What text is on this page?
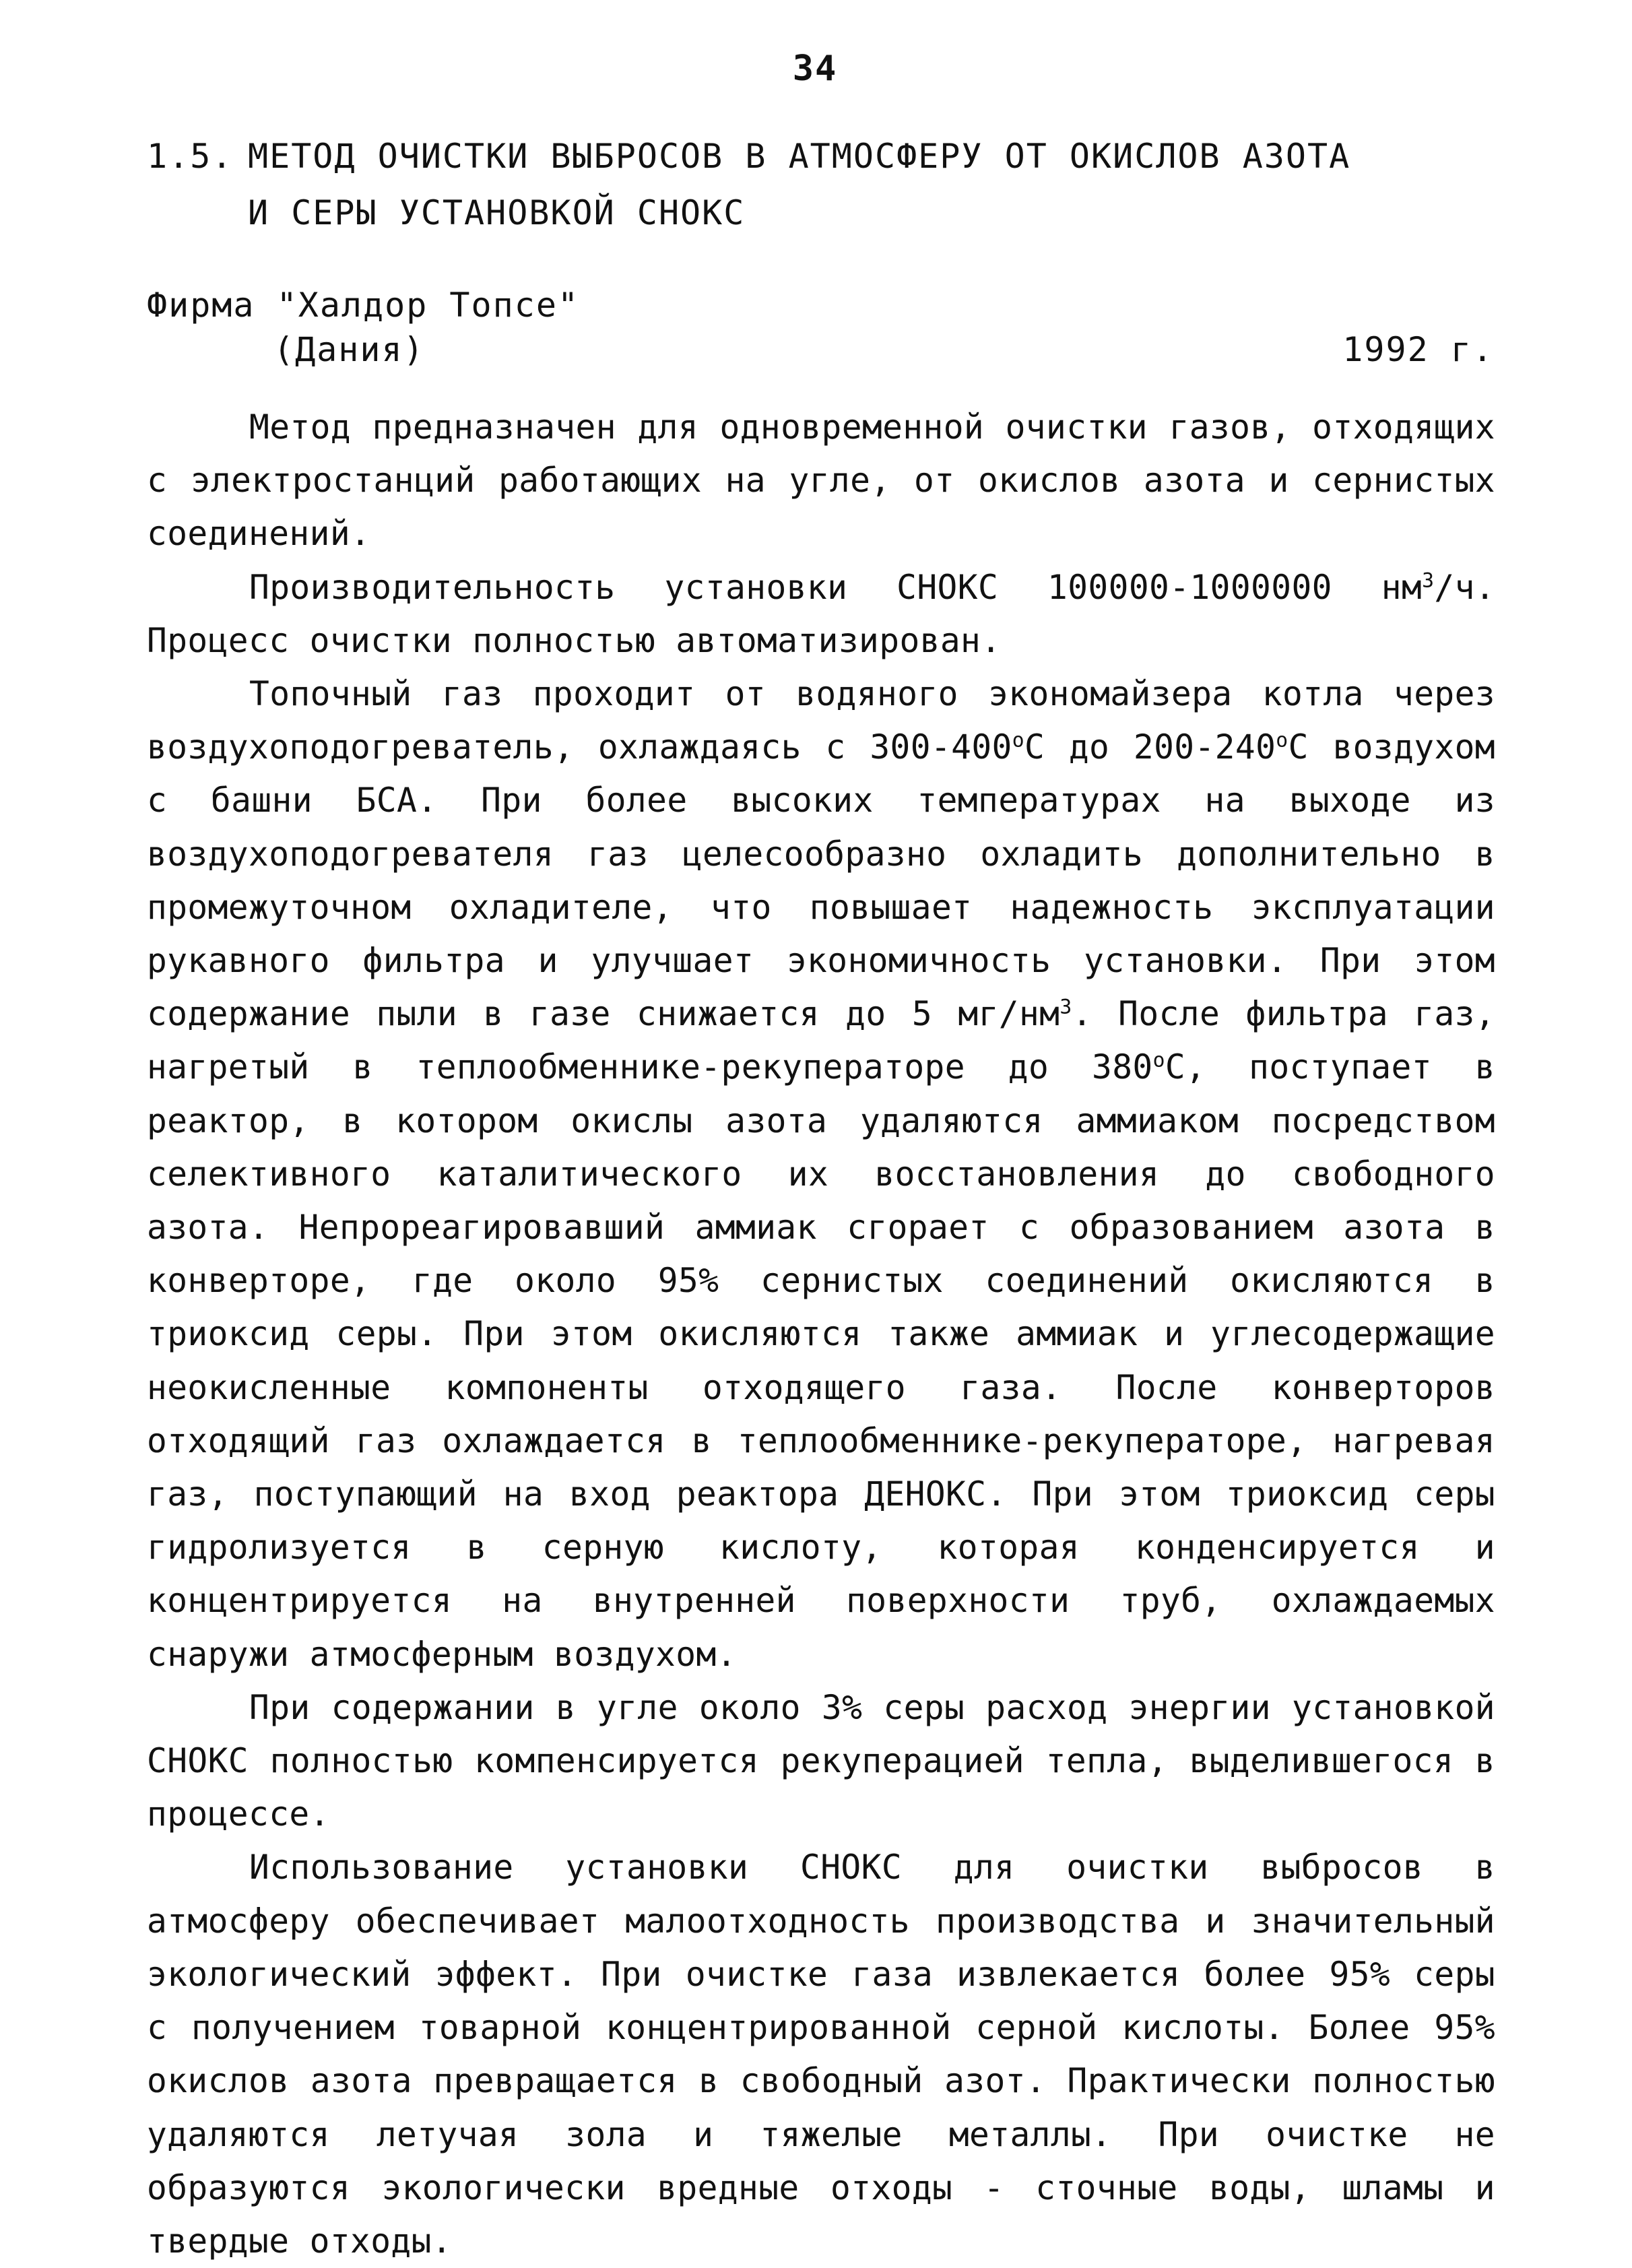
34
1.5. МЕТОД ОЧИСТКИ ВЫБРОСОВ В АТМОСФЕРУ ОТ ОКИСЛОВ АЗОТА
И СЕРЫ УСТАНОВКОЙ СНОКС
Фирма "Халдор Топсе"
(Дания)	1992 г.

Метод предназначен для одновременной очистки газов, отходящих с электростанций работающих на угле, от окислов азота и сернистых соединений.

Производительность установки СНОКС 100000-1000000 $нм^3/ч$. Процесс очистки полностью автоматизирован.

Топочный газ проходит от водяного экономайзера котла через воздухоподогреватель, охлаждаясь с $300-400^оС$ до $200-240^оС$ воздухом с башни БСА. При более высоких температурах на выходе из воздухоподогревателя газ целесообразно охладить дополнительно в промежуточном охладителе, что повышает надежность эксплуатации рукавного фильтра и улучшает экономичность установки. При этом содержание пыли в газе снижается до 5 $мг/нм^3$. После фильтра газ, нагретый в теплообменнике-рекуператоре до $380^оС$, поступает в реактор, в котором окислы азота удаляются аммиаком посредством селективного каталитического их восстановления до свободного азота. Непрореагировавший аммиак сгорает с образованием азота в конверторе, где около 95% сернистых соединений окисляются в триоксид серы. При этом окисляются также аммиак и углесодержащие неокисленные компоненты отходящего газа. После конверторов отходящий газ охлаждается в теплообменнике-рекуператоре, нагревая газ, поступающий на вход реактора ДЕНОКС. При этом триоксид серы гидролизуется в серную кислоту, которая конденсируется и концентрируется на внутренней поверхности труб, охлаждаемых снаружи атмосферным воздухом.

При содержании в угле около 3% серы расход энергии установкой СНОКС полностью компенсируется рекуперацией тепла, выделившегося в процессе.

Использование установки СНОКС для очистки выбросов в атмосферу обеспечивает малоотходность производства и значительный экологический эффект. При очистке газа извлекается более 95% серы с получением товарной концентрированной серной кислоты. Более 95% окислов азота превращается в свободный азот. Практически полностью удаляются летучая зола и тяжелые металлы. При очистке не образуются экологически вредные отходы - сточные воды, шламы и твердые отходы.
